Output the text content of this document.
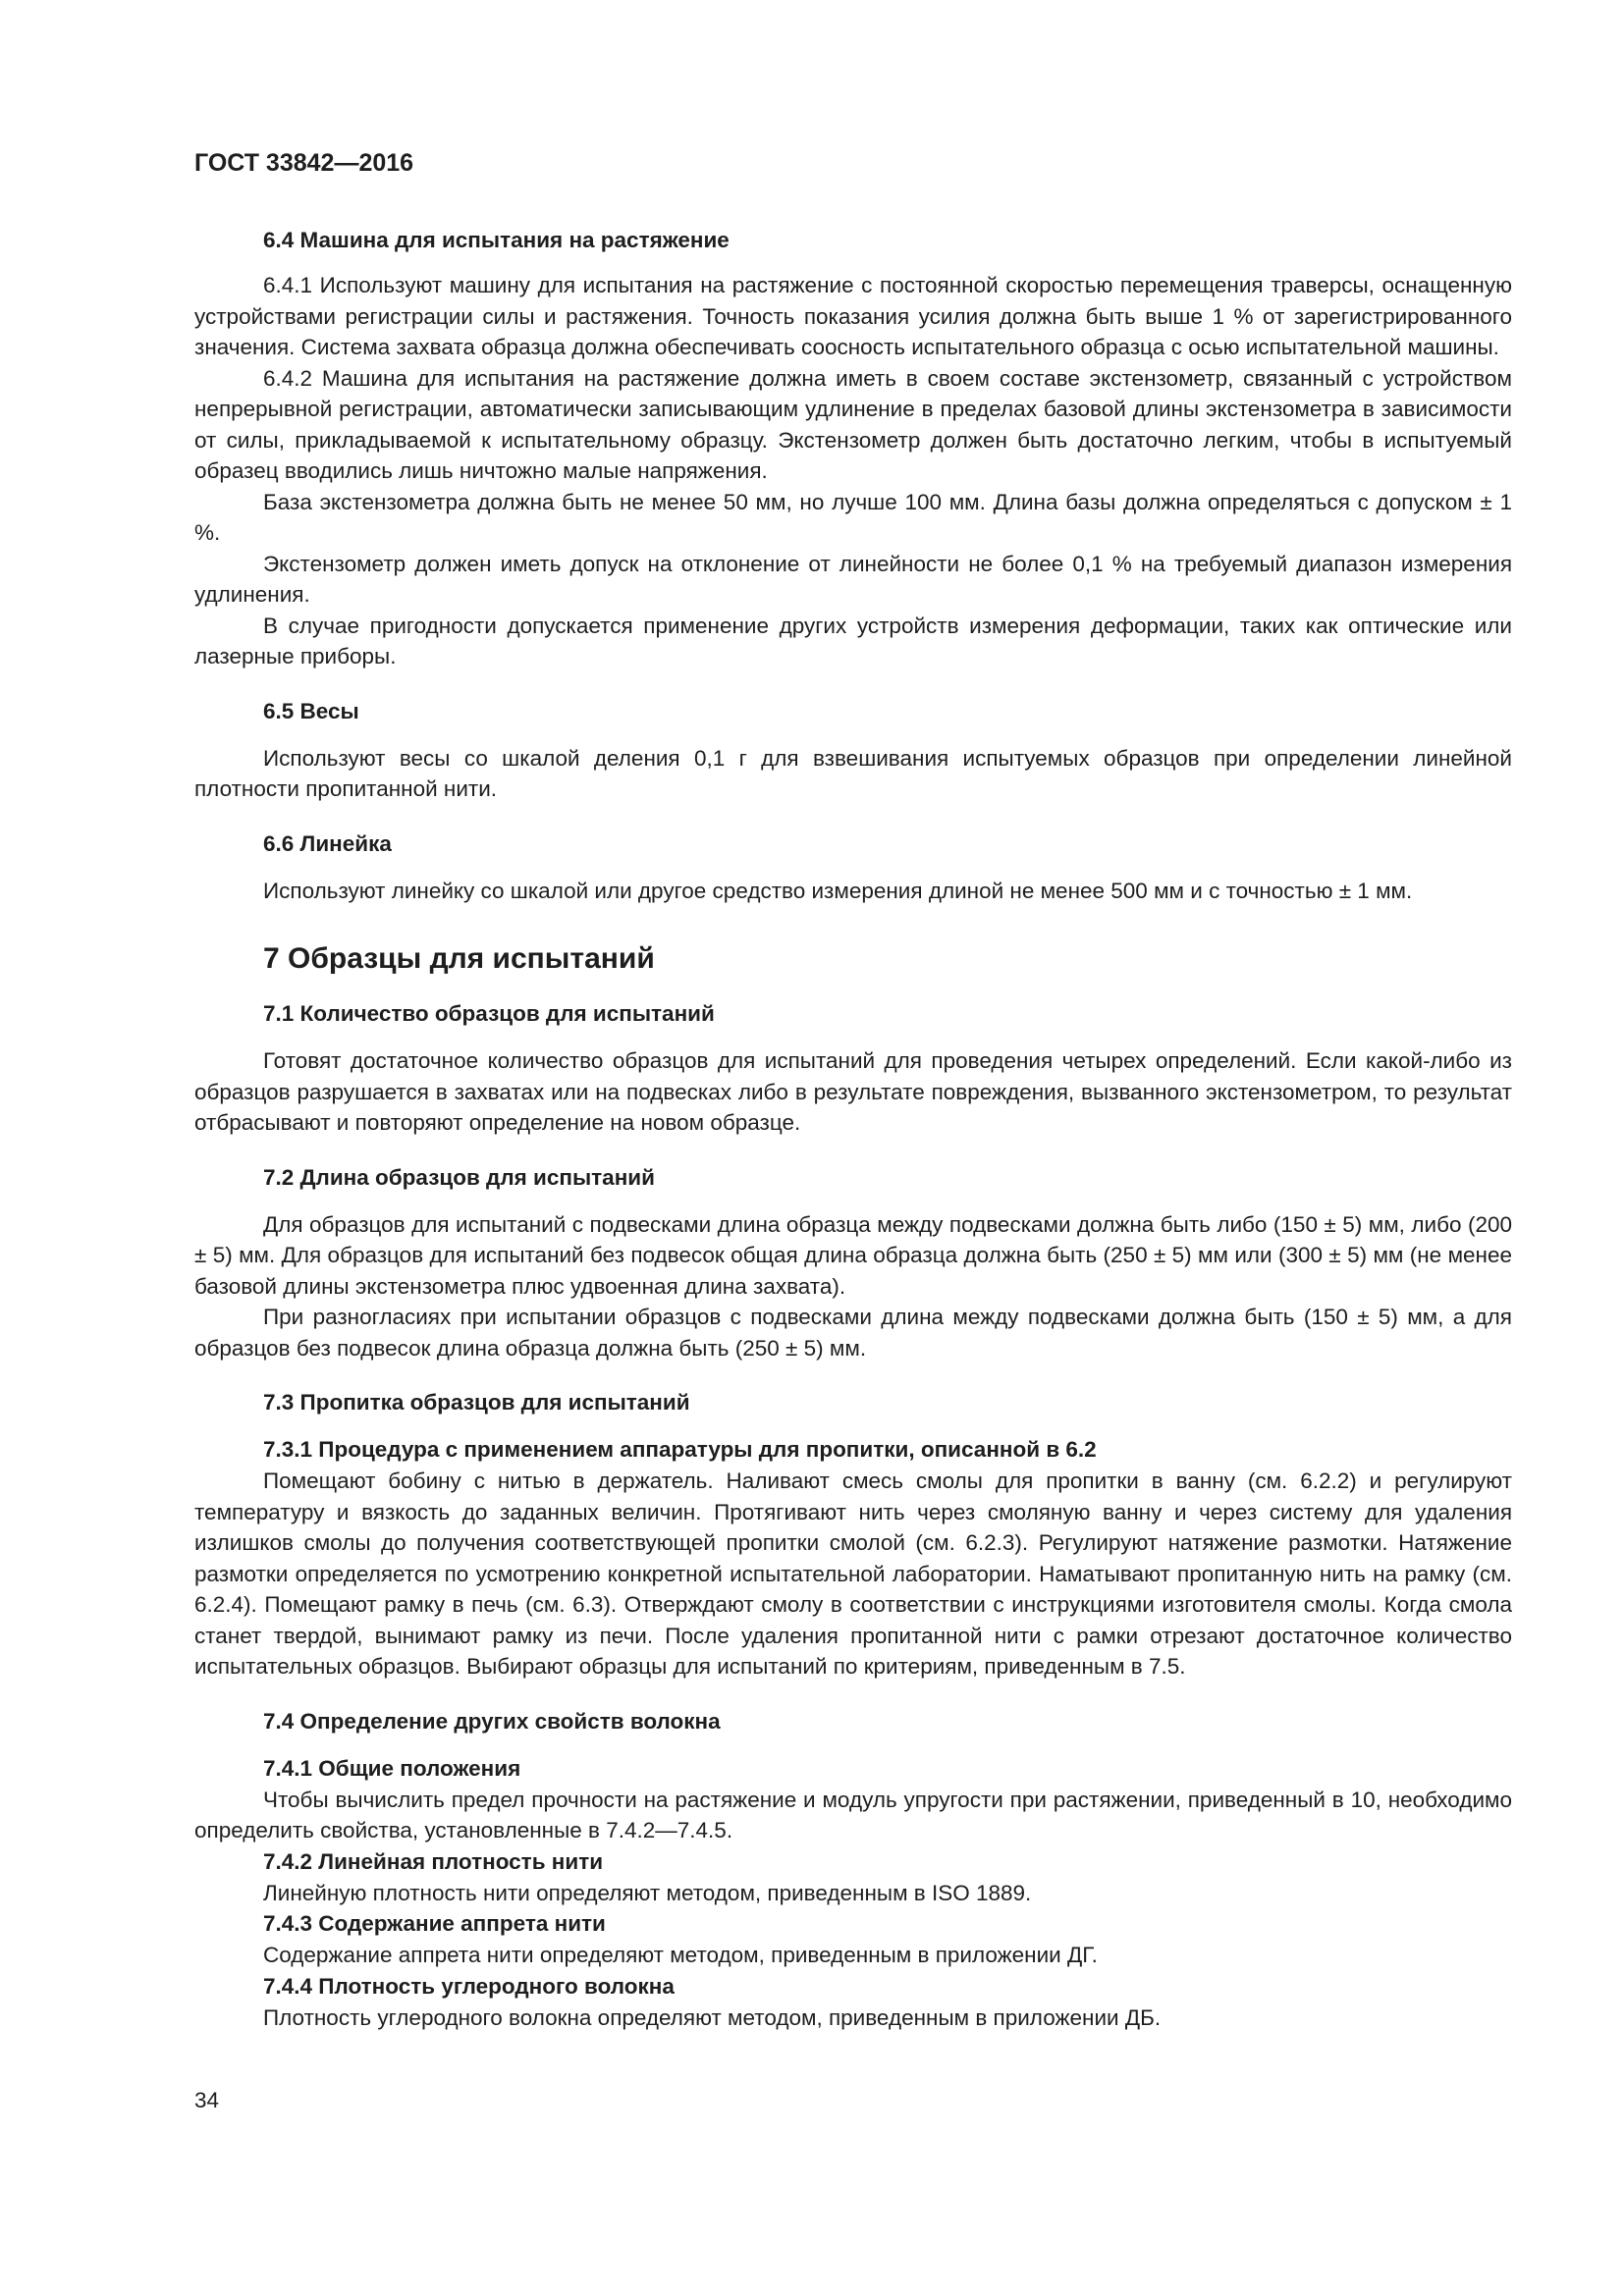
ГОСТ 33842—2016
6.4 Машина для испытания на растяжение

6.4.1 Используют машину для испытания на растяжение с постоянной скоростью перемещения траверсы, оснащенную устройствами регистрации силы и растяжения. Точность показания усилия должна быть выше 1 % от зарегистрированного значения. Система захвата образца должна обеспечивать соосность испытательного образца с осью испытательной машины.

6.4.2 Машина для испытания на растяжение должна иметь в своем составе экстензометр, связанный с устройством непрерывной регистрации, автоматически записывающим удлинение в пределах базовой длины экстензометра в зависимости от силы, прикладываемой к испытательному образцу. Экстензометр должен быть достаточно легким, чтобы в испытуемый образец вводились лишь ничтожно малые напряжения.

База экстензометра должна быть не менее 50 мм, но лучше 100 мм. Длина базы должна определяться с допуском ± 1 %.

Экстензометр должен иметь допуск на отклонение от линейности не более 0,1 % на требуемый диапазон измерения удлинения.

В случае пригодности допускается применение других устройств измерения деформации, таких как оптические или лазерные приборы.

6.5 Весы

Используют весы со шкалой деления 0,1 г для взвешивания испытуемых образцов при определении линейной плотности пропитанной нити.

6.6 Линейка

Используют линейку со шкалой или другое средство измерения длиной не менее 500 мм и с точностью ± 1 мм.

7 Образцы для испытаний
7.1 Количество образцов для испытаний

Готовят достаточное количество образцов для испытаний для проведения четырех определений. Если какой-либо из образцов разрушается в захватах или на подвесках либо в результате повреждения, вызванного экстензометром, то результат отбрасывают и повторяют определение на новом образце.

7.2 Длина образцов для испытаний

Для образцов для испытаний с подвесками длина образца между подвесками должна быть либо (150 ± 5) мм, либо (200 ± 5) мм. Для образцов для испытаний без подвесок общая длина образца должна быть (250 ± 5) мм или (300 ± 5) мм (не менее базовой длины экстензометра плюс удвоенная длина захвата).

При разногласиях при испытании образцов с подвесками длина между подвесками должна быть (150 ± 5) мм, а для образцов без подвесок длина образца должна быть (250 ± 5) мм.

7.3 Пропитка образцов для испытаний
7.3.1 Процедура с применением аппаратуры для пропитки, описанной в 6.2

Помещают бобину с нитью в держатель. Наливают смесь смолы для пропитки в ванну (см. 6.2.2) и регулируют температуру и вязкость до заданных величин. Протягивают нить через смоляную ванну и через систему для удаления излишков смолы до получения соответствующей пропитки смолой (см. 6.2.3). Регулируют натяжение размотки. Натяжение размотки определяется по усмотрению конкретной испытательной лаборатории. Наматывают пропитанную нить на рамку (см. 6.2.4). Помещают рамку в печь (см. 6.3). Отверждают смолу в соответствии с инструкциями изготовителя смолы. Когда смола станет твердой, вынимают рамку из печи. После удаления пропитанной нити с рамки отрезают достаточное количество испытательных образцов. Выбирают образцы для испытаний по критериям, приведенным в 7.5.

7.4 Определение других свойств волокна
7.4.1 Общие положения

Чтобы вычислить предел прочности на растяжение и модуль упругости при растяжении, приведенный в 10, необходимо определить свойства, установленные в 7.4.2—7.4.5.

7.4.2 Линейная плотность нити

Линейную плотность нити определяют методом, приведенным в ISO 1889.

7.4.3 Содержание аппрета нити

Содержание аппрета нити определяют методом, приведенным в приложении ДГ.

7.4.4 Плотность углеродного волокна

Плотность углеродного волокна определяют методом, приведенным в приложении ДБ.

34
